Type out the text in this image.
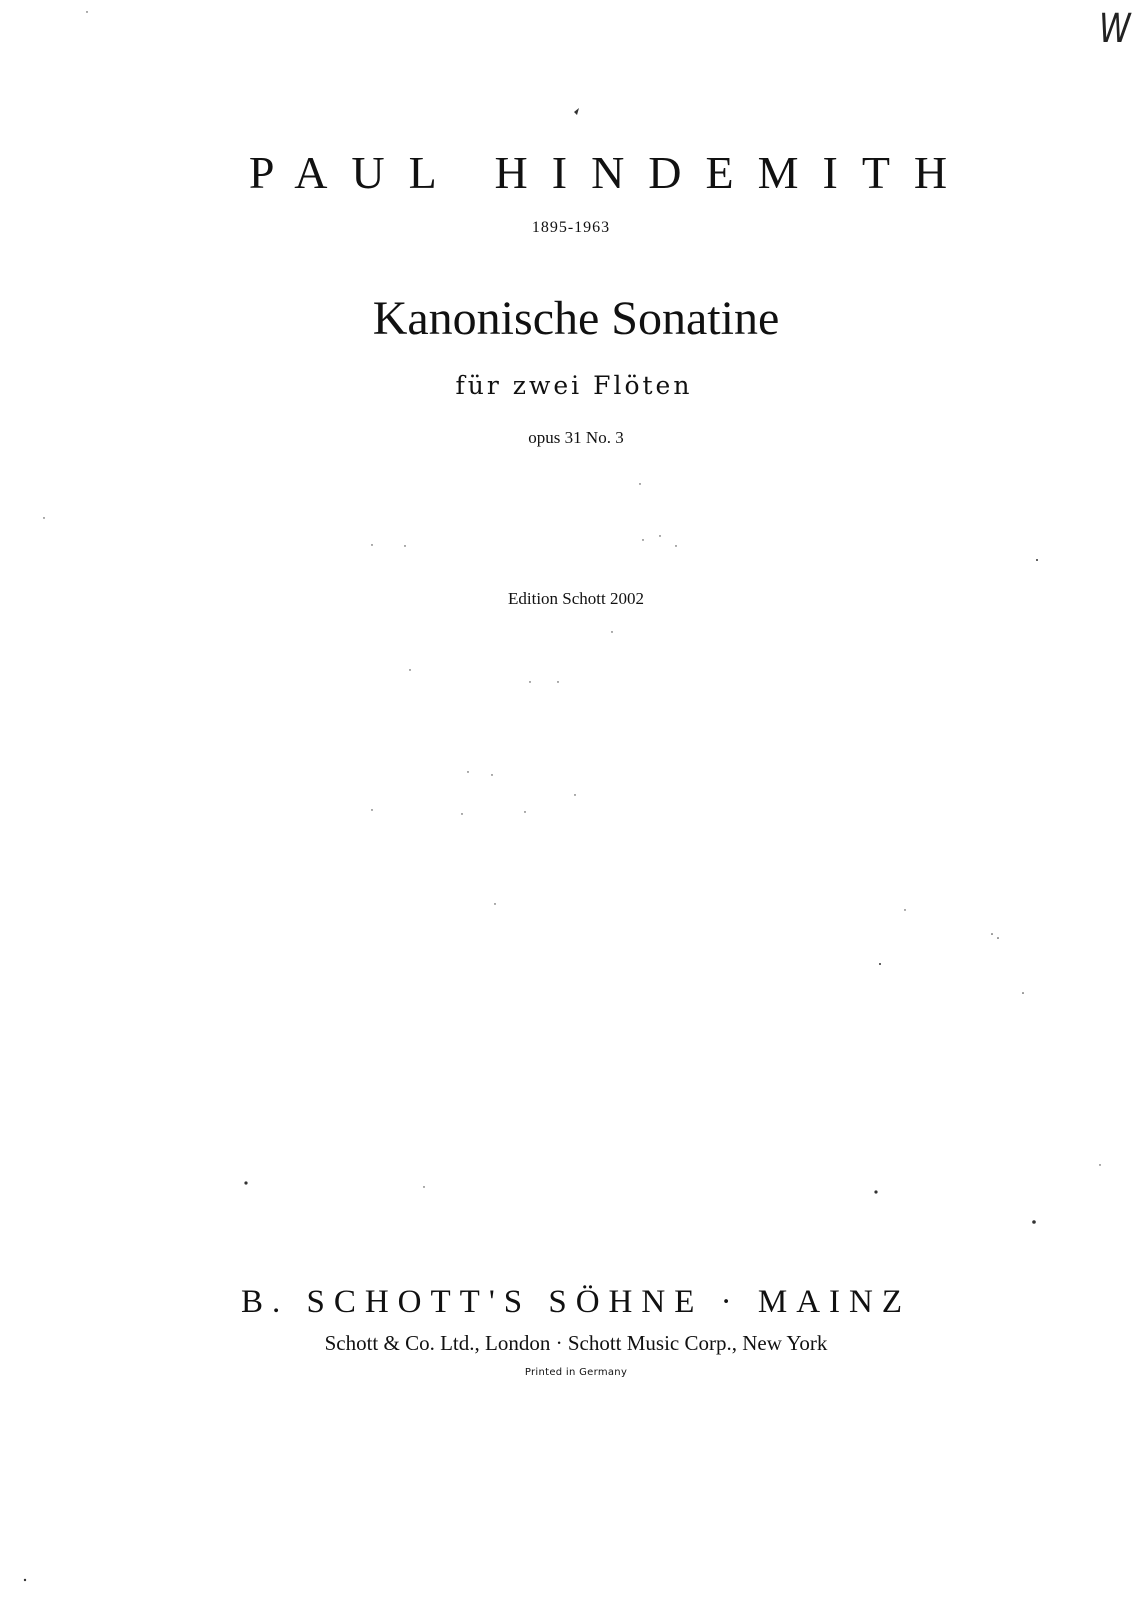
W
PAUL HINDEMITH
1895-1963
Kanonische Sonatine
für zwei Flöten
opus 31 No. 3
Edition Schott 2002
B. SCHOTT'S SÖHNE · MAINZ
Schott & Co. Ltd., London · Schott Music Corp., New York
Printed in Germany
